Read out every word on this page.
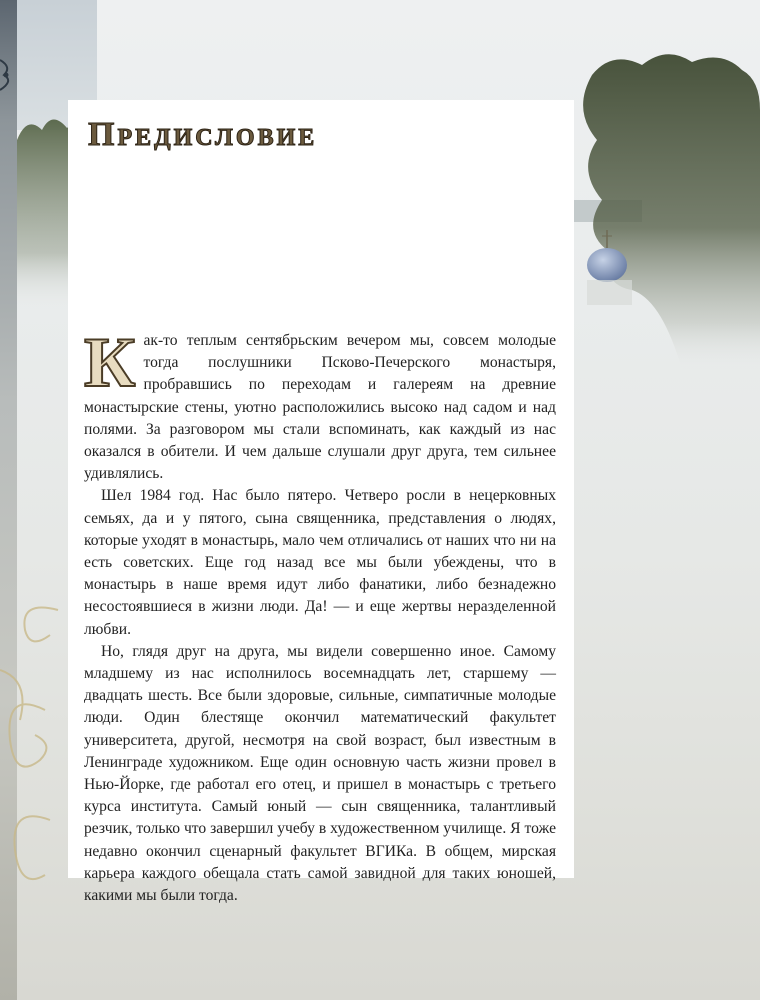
Предисловие

Как-то теплым сентябрьским вечером мы, совсем молодые тогда послушники Псково-Печерского монастыря, пробравшись по переходам и галереям на древние монастырские стены, уютно расположились высоко над садом и над полями. За разговором мы стали вспоминать, как каждый из нас оказался в обители. И чем дальше слушали друг друга, тем сильнее удивлялись.

Шел 1984 год. Нас было пятеро. Четверо росли в нецерковных семьях, да и у пятого, сына священника, представления о людях, которые уходят в монастырь, мало чем отличались от наших что ни на есть советских. Еще год назад все мы были убеждены, что в монастырь в наше время идут либо фанатики, либо безнадежно несостоявшиеся в жизни люди. Да! — и еще жертвы неразделенной любви.

Но, глядя друг на друга, мы видели совершенно иное. Самому младшему из нас исполнилось восемнадцать лет, старшему — двадцать шесть. Все были здоровые, сильные, симпатичные молодые люди. Один блестяще окончил математический факультет университета, другой, несмотря на свой возраст, был известным в Ленинграде художником. Еще один основную часть жизни провел в Нью-Йорке, где работал его отец, и пришел в монастырь с третьего курса института. Самый юный — сын священника, талантливый резчик, только что завершил учебу в художественном училище. Я тоже недавно окончил сценарный факультет ВГИКа. В общем, мирская карьера каждого обещала стать самой завидной для таких юношей, какими мы были тогда.
